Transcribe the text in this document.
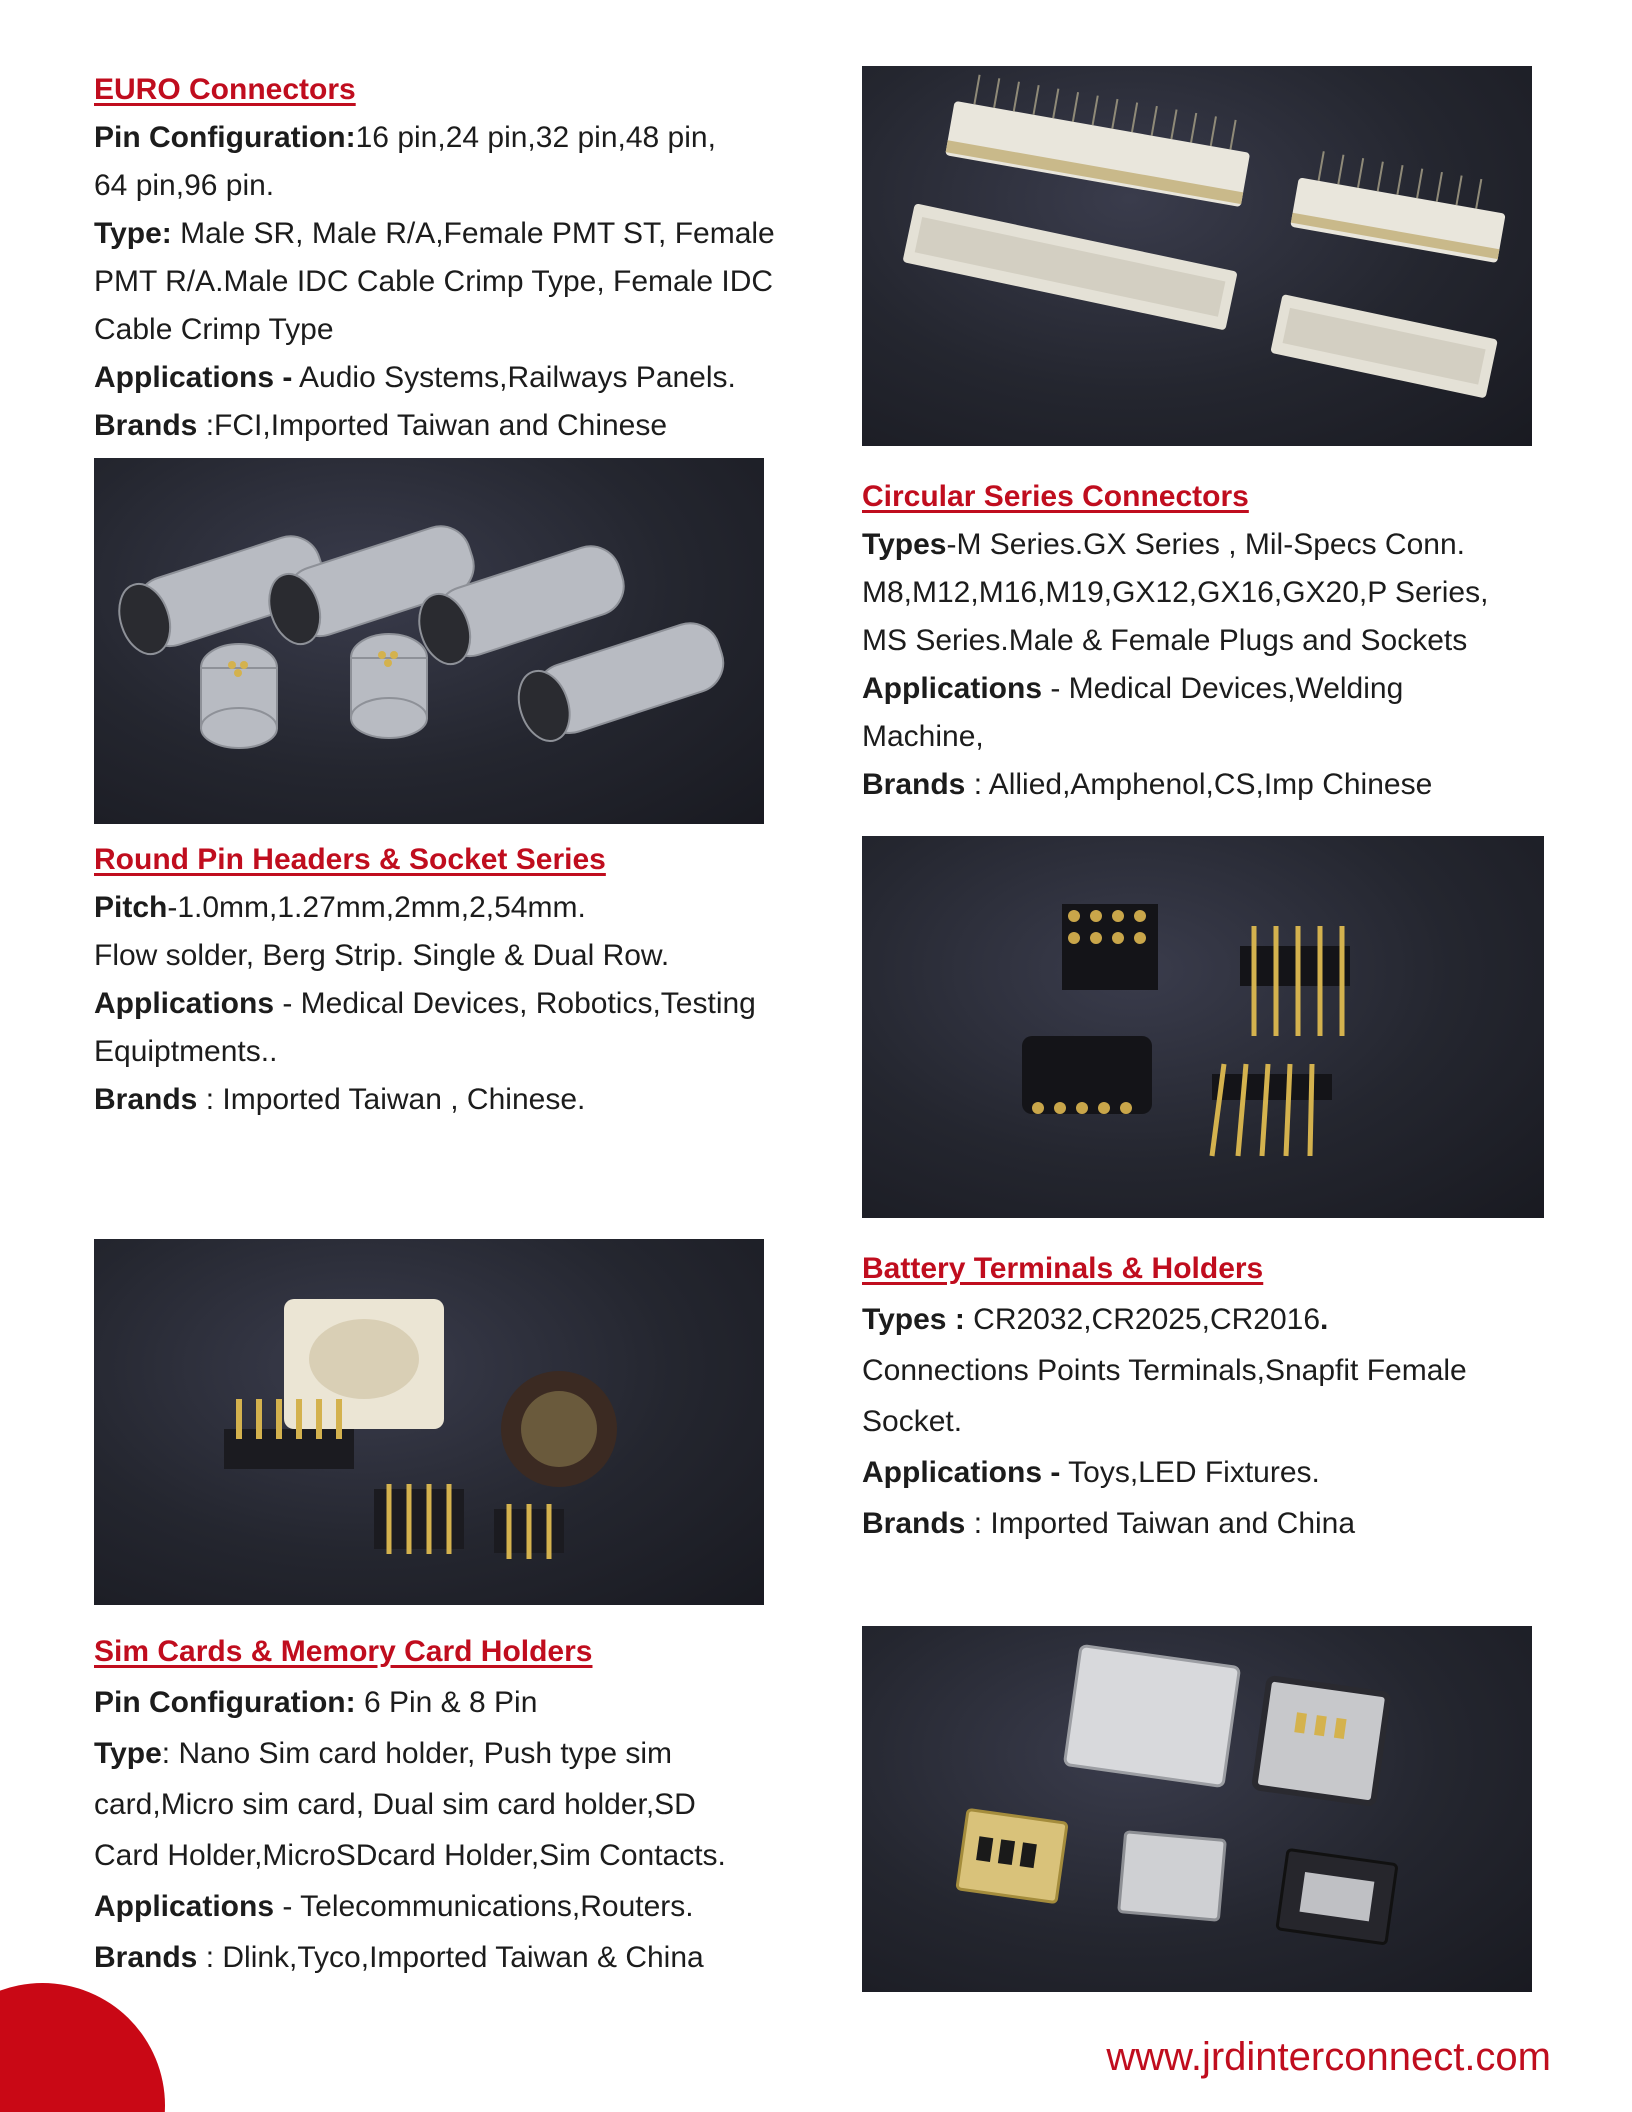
EURO Connectors
Pin Configuration:16 pin,24 pin,32 pin,48 pin,
64 pin,96 pin.
Type: Male SR, Male R/A,Female PMT ST, Female
PMT R/A.Male IDC Cable Crimp Type, Female IDC
Cable Crimp Type
Applications - Audio Systems,Railways Panels.
Brands :FCI,Imported Taiwan and Chinese
Circular Series Connectors
Types-M Series.GX Series , Mil-Specs Conn.
M8,M12,M16,M19,GX12,GX16,GX20,P Series,
MS Series.Male & Female Plugs and Sockets
Applications - Medical Devices,Welding
Machine,
Brands : Allied,Amphenol,CS,Imp Chinese
Round Pin Headers & Socket Series
Pitch-1.0mm,1.27mm,2mm,2,54mm.
Flow solder, Berg Strip. Single & Dual Row.
Applications - Medical Devices, Robotics,Testing
Equiptments..
Brands : Imported Taiwan , Chinese.
Battery Terminals & Holders
Types : CR2032,CR2025,CR2016.
Connections Points Terminals,Snapfit Female
Socket.
Applications - Toys,LED Fixtures.
Brands : Imported Taiwan and China
Sim Cards & Memory Card Holders
Pin Configuration: 6 Pin & 8 Pin
Type: Nano Sim card holder, Push type sim
card,Micro sim card, Dual sim card holder,SD
Card Holder,MicroSDcard Holder,Sim Contacts.
Applications - Telecommunications,Routers.
Brands : Dlink,Tyco,Imported Taiwan & China
www.jrdinterconnect.com
